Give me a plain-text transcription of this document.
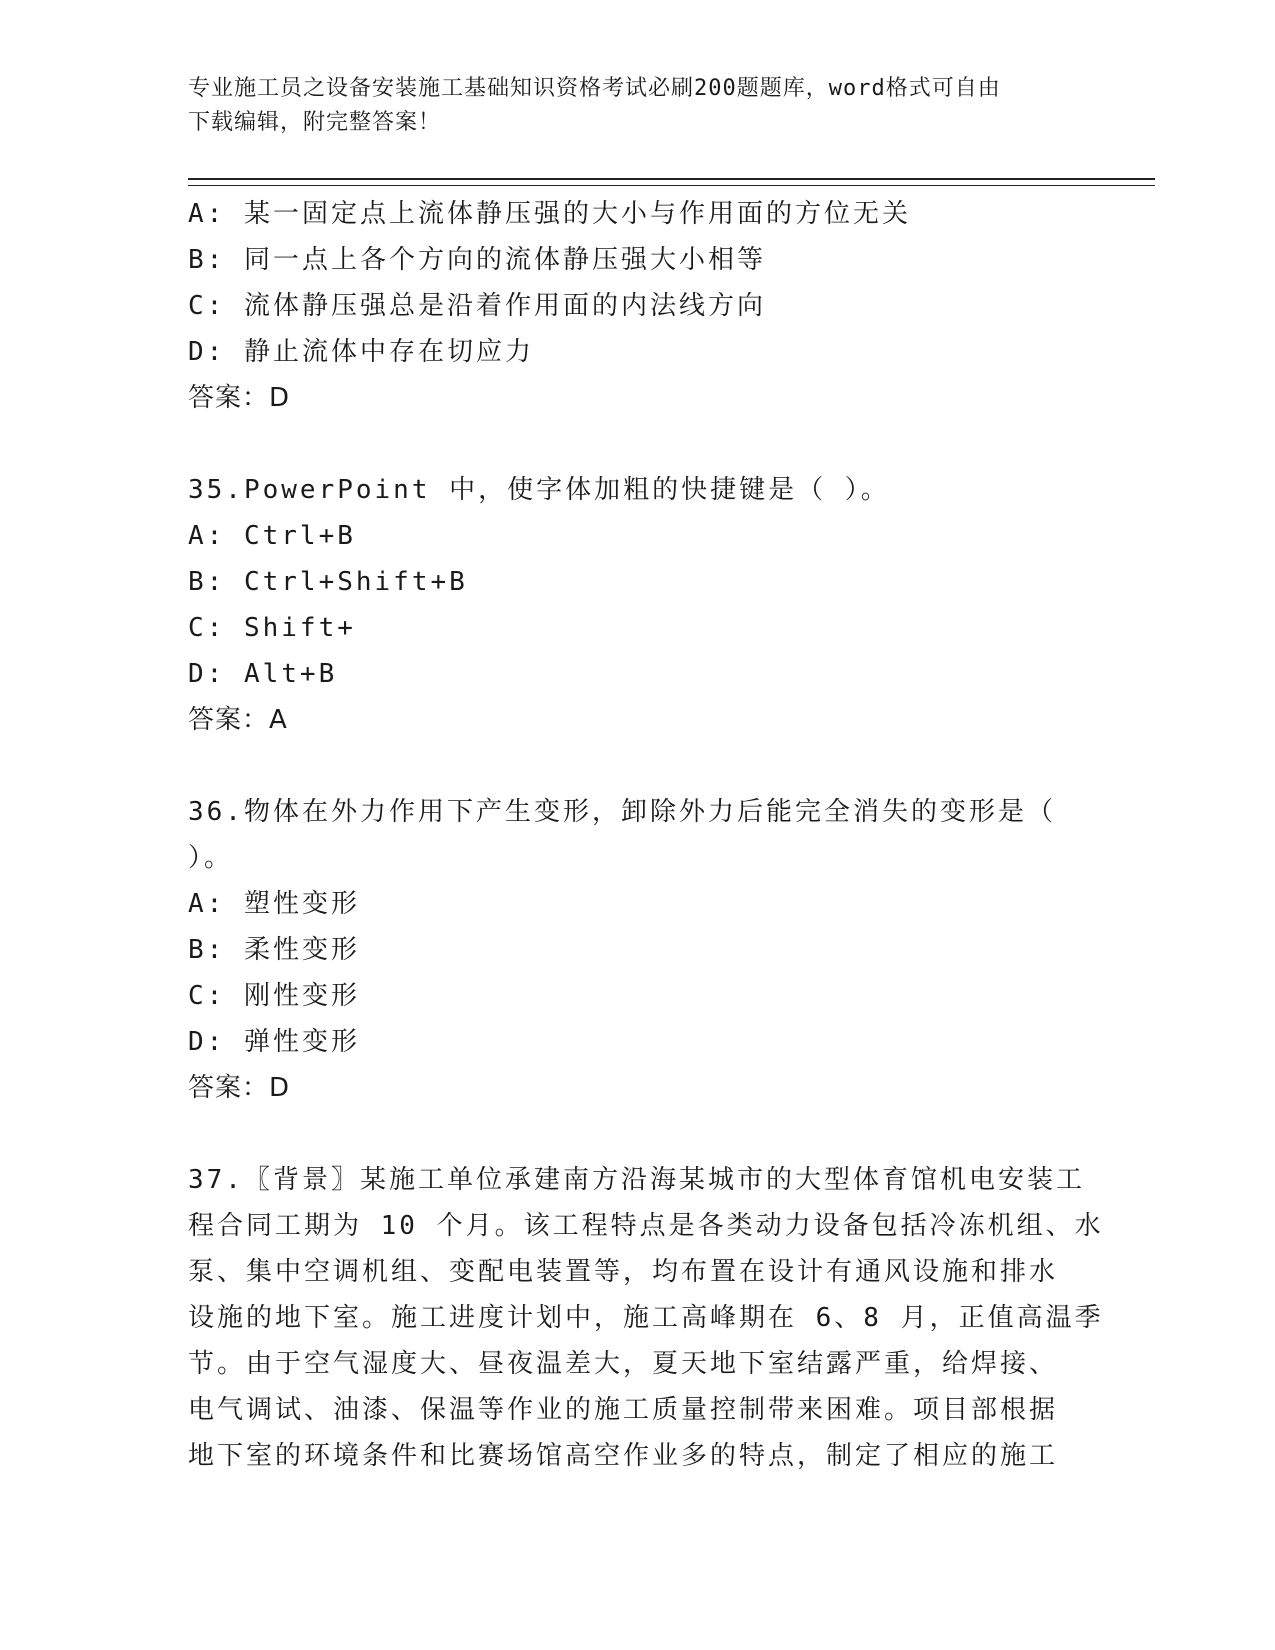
专业施工员之设备安装施工基础知识资格考试必刷200题题库，word格式可自由
下载编辑，附完整答案！
A: 某一固定点上流体静压强的大小与作用面的方位无关
B: 同一点上各个方向的流体静压强大小相等
C: 流体静压强总是沿着作用面的内法线方向
D: 静止流体中存在切应力
答案：D
35.PowerPoint 中，使字体加粗的快捷键是（ ）。
A: Ctrl+B
B: Ctrl+Shift+B
C: Shift+
D: Alt+B
答案：A
36.物体在外力作用下产生变形，卸除外力后能完全消失的变形是（
）。
A: 塑性变形
B: 柔性变形
C: 刚性变形
D: 弹性变形
答案：D
37.〖背景〗某施工单位承建南方沿海某城市的大型体育馆机电安装工
程合同工期为 10 个月。该工程特点是各类动力设备包括冷冻机组、水
泵、集中空调机组、变配电装置等，均布置在设计有通风设施和排水
设施的地下室。施工进度计划中，施工高峰期在 6、8 月，正值高温季
节。由于空气湿度大、昼夜温差大，夏天地下室结露严重，给焊接、
电气调试、油漆、保温等作业的施工质量控制带来困难。项目部根据
地下室的环境条件和比赛场馆高空作业多的特点，制定了相应的施工
